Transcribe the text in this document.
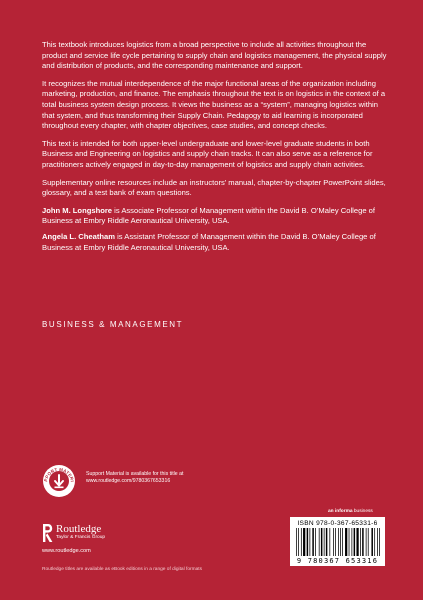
This textbook introduces logistics from a broad perspective to include all activities throughout the product and service life cycle pertaining to supply chain and logistics management, the physical supply and distribution of products, and the corresponding maintenance and support.

It recognizes the mutual interdependence of the major functional areas of the organization including marketing, production, and finance. The emphasis throughout the text is on logistics in the context of a total business system design process. It views the business as a “system”, managing logistics within that system, and thus transforming their Supply Chain. Pedagogy to aid learning is incorporated throughout every chapter, with chapter objectives, case studies, and concept checks.

This text is intended for both upper-level undergraduate and lower-level graduate students in both Business and Engineering on logistics and supply chain tracks. It can also serve as a reference for practitioners actively engaged in day-to-day management of logistics and supply chain activities.

Supplementary online resources include an instructors’ manual, chapter-by-chapter PowerPoint slides, glossary, and a test bank of exam questions.

John M. Longshore is Associate Professor of Management within the David B. O’Maley College of Business at Embry Riddle Aeronautical University, USA.

Angela L. Cheatham is Assistant Professor of Management within the David B. O’Maley College of Business at Embry Riddle Aeronautical University, USA.

BUSINESS & MANAGEMENT
PPORT MATERI
Support Material is available for this title at
www.routledge.com/9780367653316
an informa business
Routledge
Taylor & Francis Group
www.routledge.com
Routledge titles are available as eBook editions in a range of digital formats
ISBN 978-0-367-65331-6
9 780367 653316
